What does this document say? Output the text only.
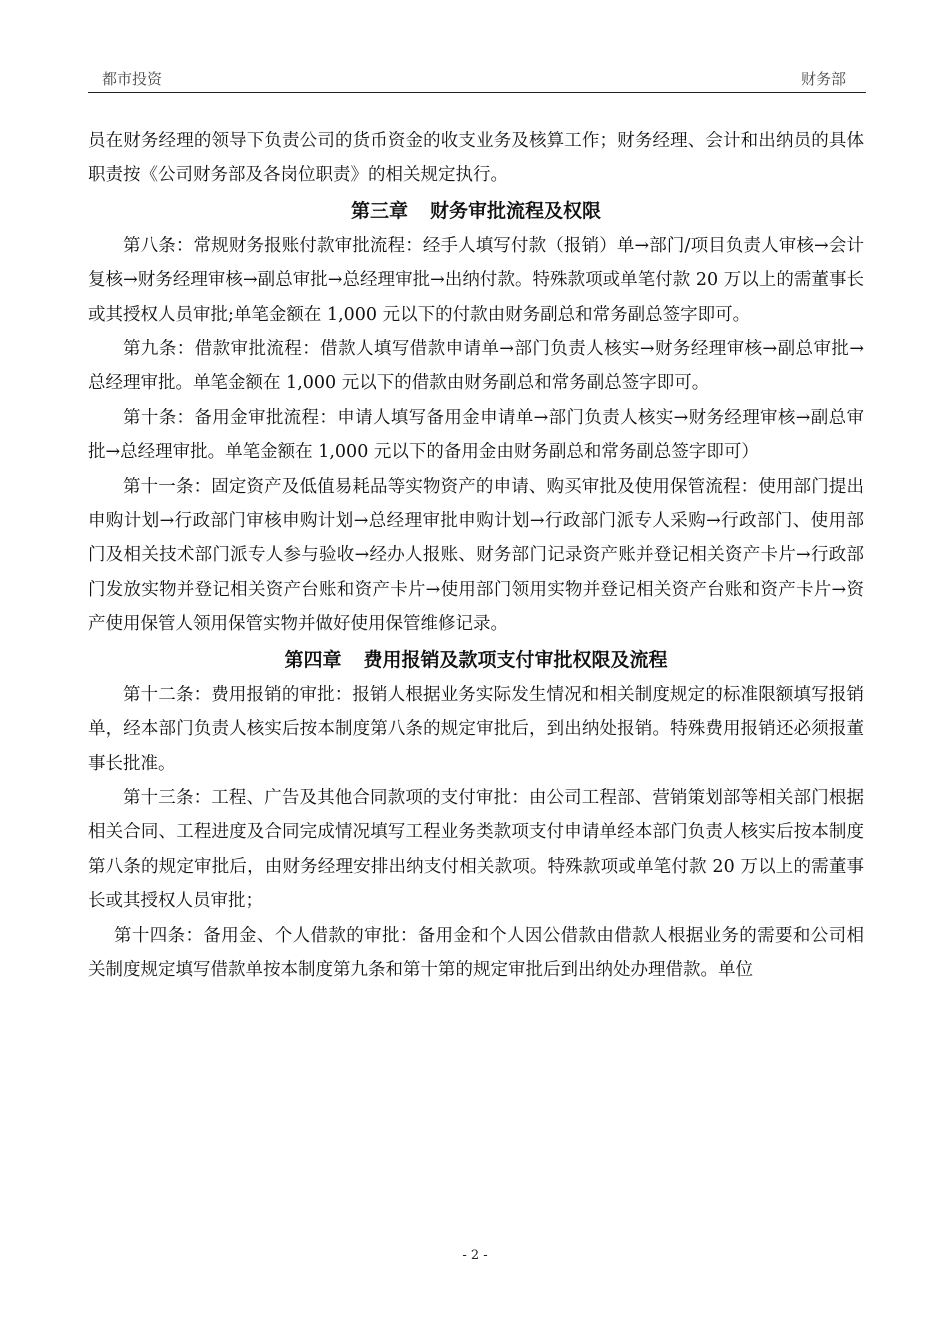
都市投资	财务部

员在财务经理的领导下负责公司的货币资金的收支业务及核算工作；财务经理、会计和出纳员的具体职责按《公司财务部及各岗位职责》的相关规定执行。

第三章 财务审批流程及权限

第八条：常规财务报账付款审批流程：经手人填写付款（报销）单→部门/项目负责人审核→会计复核→财务经理审核→副总审批→总经理审批→出纳付款。特殊款项或单笔付款 20 万以上的需董事长或其授权人员审批;单笔金额在 1,000 元以下的付款由财务副总和常务副总签字即可。

第九条：借款审批流程：借款人填写借款申请单→部门负责人核实→财务经理审核→副总审批→总经理审批。单笔金额在 1,000 元以下的借款由财务副总和常务副总签字即可。

第十条：备用金审批流程：申请人填写备用金申请单→部门负责人核实→财务经理审核→副总审批→总经理审批。单笔金额在 1,000 元以下的备用金由财务副总和常务副总签字即可）

第十一条：固定资产及低值易耗品等实物资产的申请、购买审批及使用保管流程：使用部门提出申购计划→行政部门审核申购计划→总经理审批申购计划→行政部门派专人采购→行政部门、使用部门及相关技术部门派专人参与验收→经办人报账、财务部门记录资产账并登记相关资产卡片→行政部门发放实物并登记相关资产台账和资产卡片→使用部门领用实物并登记相关资产台账和资产卡片→资产使用保管人领用保管实物并做好使用保管维修记录。

第四章 费用报销及款项支付审批权限及流程

第十二条：费用报销的审批：报销人根据业务实际发生情况和相关制度规定的标准限额填写报销单，经本部门负责人核实后按本制度第八条的规定审批后，到出纳处报销。特殊费用报销还必须报董事长批准。

第十三条：工程、广告及其他合同款项的支付审批：由公司工程部、营销策划部等相关部门根据相关合同、工程进度及合同完成情况填写工程业务类款项支付申请单经本部门负责人核实后按本制度第八条的规定审批后，由财务经理安排出纳支付相关款项。特殊款项或单笔付款 20 万以上的需董事长或其授权人员审批；

第十四条：备用金、个人借款的审批：备用金和个人因公借款由借款人根据业务的需要和公司相关制度规定填写借款单按本制度第九条和第十第的规定审批后到出纳处办理借款。单位

- 2 -
